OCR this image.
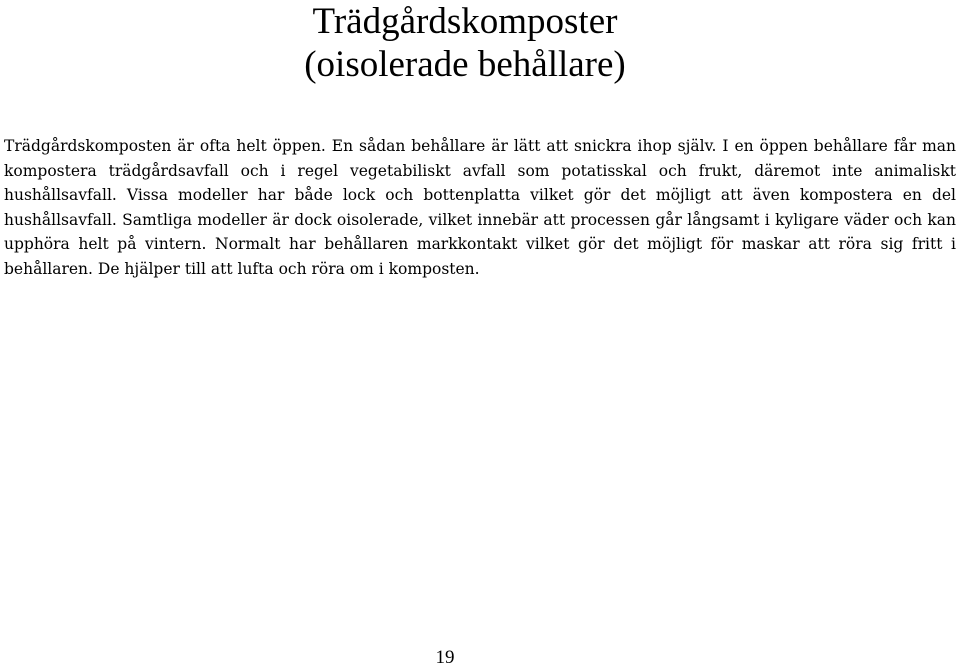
Trädgårdskomposter
(oisolerade behållare)

Trädgårdskomposten är ofta helt öppen. En sådan behållare är lätt att snickra ihop själv. I en öppen behållare får man kompostera trädgårdsavfall och i regel vegetabiliskt avfall som potatisskal och frukt, däremot inte animaliskt hushållsavfall. Vissa modeller har både lock och bottenplatta vilket gör det möjligt att även kompostera en del hushållsavfall. Samtliga modeller är dock oisolerade, vilket innebär att processen går långsamt i kyligare väder och kan upphöra helt på vintern. Normalt har behållaren markkontakt vilket gör det möjligt för maskar att röra sig fritt i behållaren. De hjälper till att lufta och röra om i komposten.

19
